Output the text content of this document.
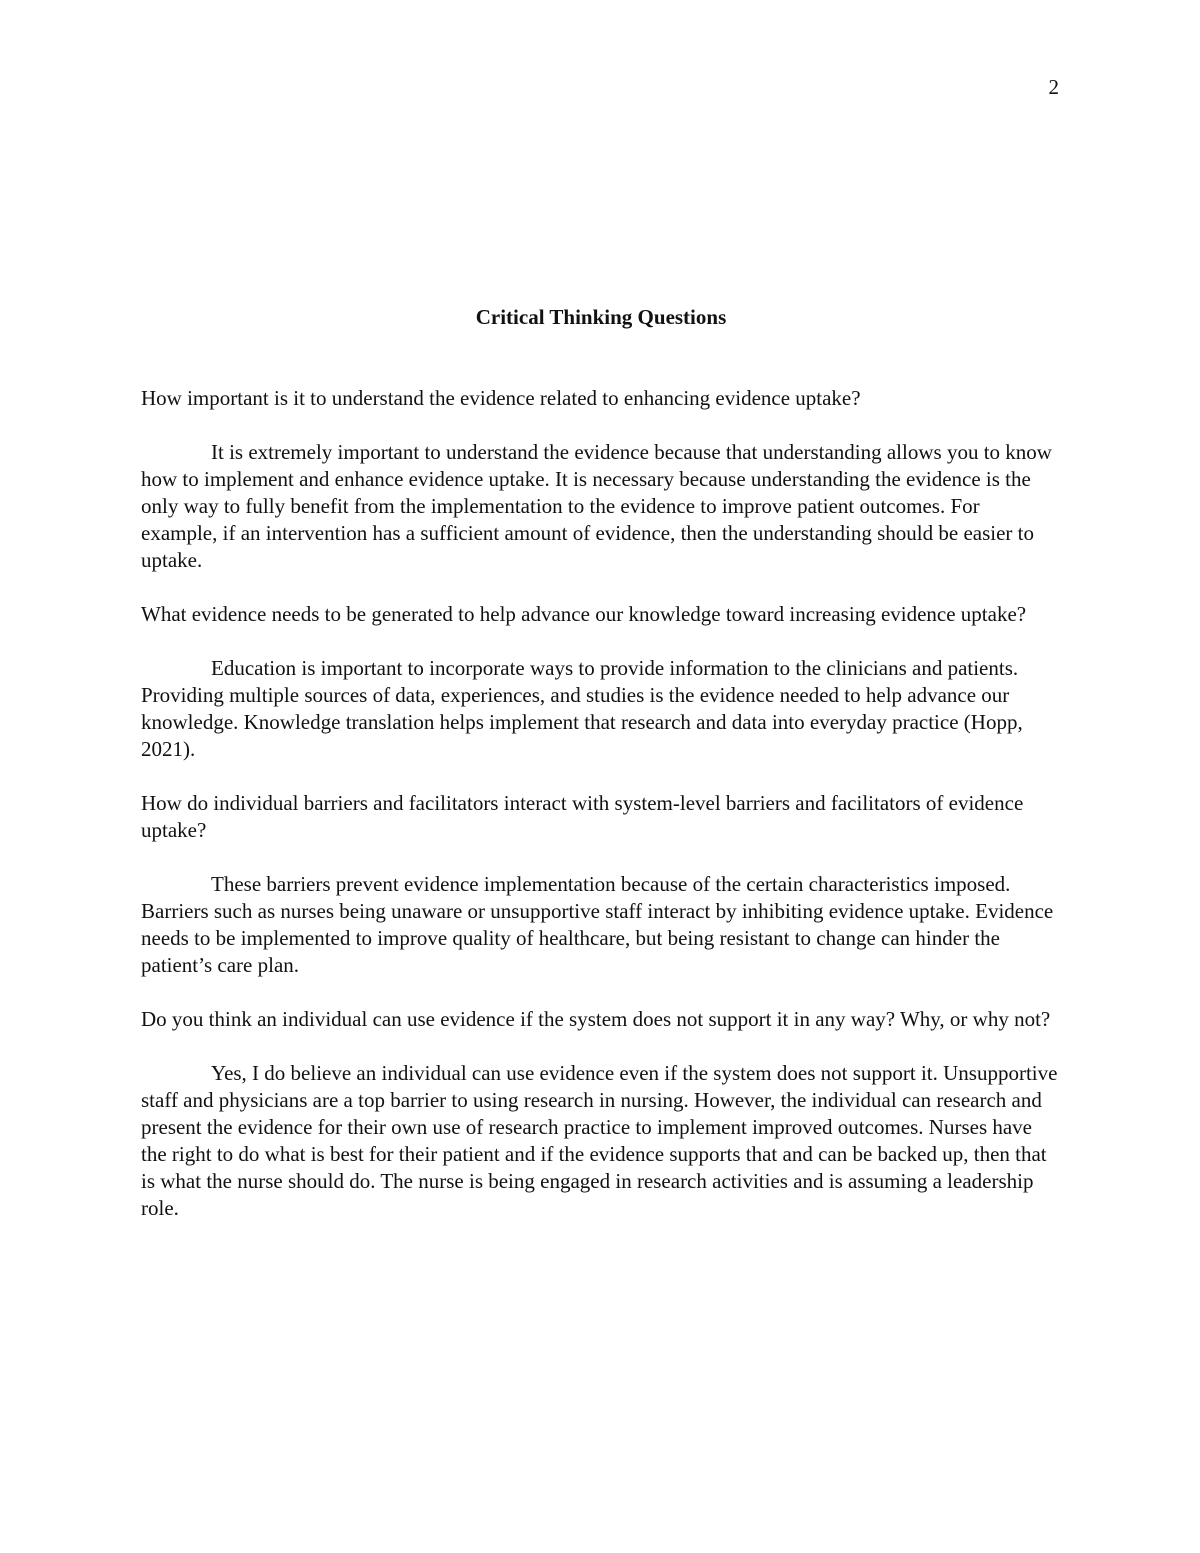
2
Critical Thinking Questions

How important is it to understand the evidence related to enhancing evidence uptake?

It is extremely important to understand the evidence because that understanding allows you to know how to implement and enhance evidence uptake. It is necessary because understanding the evidence is the only way to fully benefit from the implementation to the evidence to improve patient outcomes. For example, if an intervention has a sufficient amount of evidence, then the understanding should be easier to uptake.

What evidence needs to be generated to help advance our knowledge toward increasing evidence uptake?

Education is important to incorporate ways to provide information to the clinicians and patients. Providing multiple sources of data, experiences, and studies is the evidence needed to help advance our knowledge. Knowledge translation helps implement that research and data into everyday practice (Hopp, 2021).

How do individual barriers and facilitators interact with system-level barriers and facilitators of evidence uptake?

These barriers prevent evidence implementation because of the certain characteristics imposed. Barriers such as nurses being unaware or unsupportive staff interact by inhibiting evidence uptake. Evidence needs to be implemented to improve quality of healthcare, but being resistant to change can hinder the patient’s care plan.

Do you think an individual can use evidence if the system does not support it in any way? Why, or why not?

Yes, I do believe an individual can use evidence even if the system does not support it. Unsupportive staff and physicians are a top barrier to using research in nursing. However, the individual can research and present the evidence for their own use of research practice to implement improved outcomes. Nurses have the right to do what is best for their patient and if the evidence supports that and can be backed up, then that is what the nurse should do. The nurse is being engaged in research activities and is assuming a leadership role.
